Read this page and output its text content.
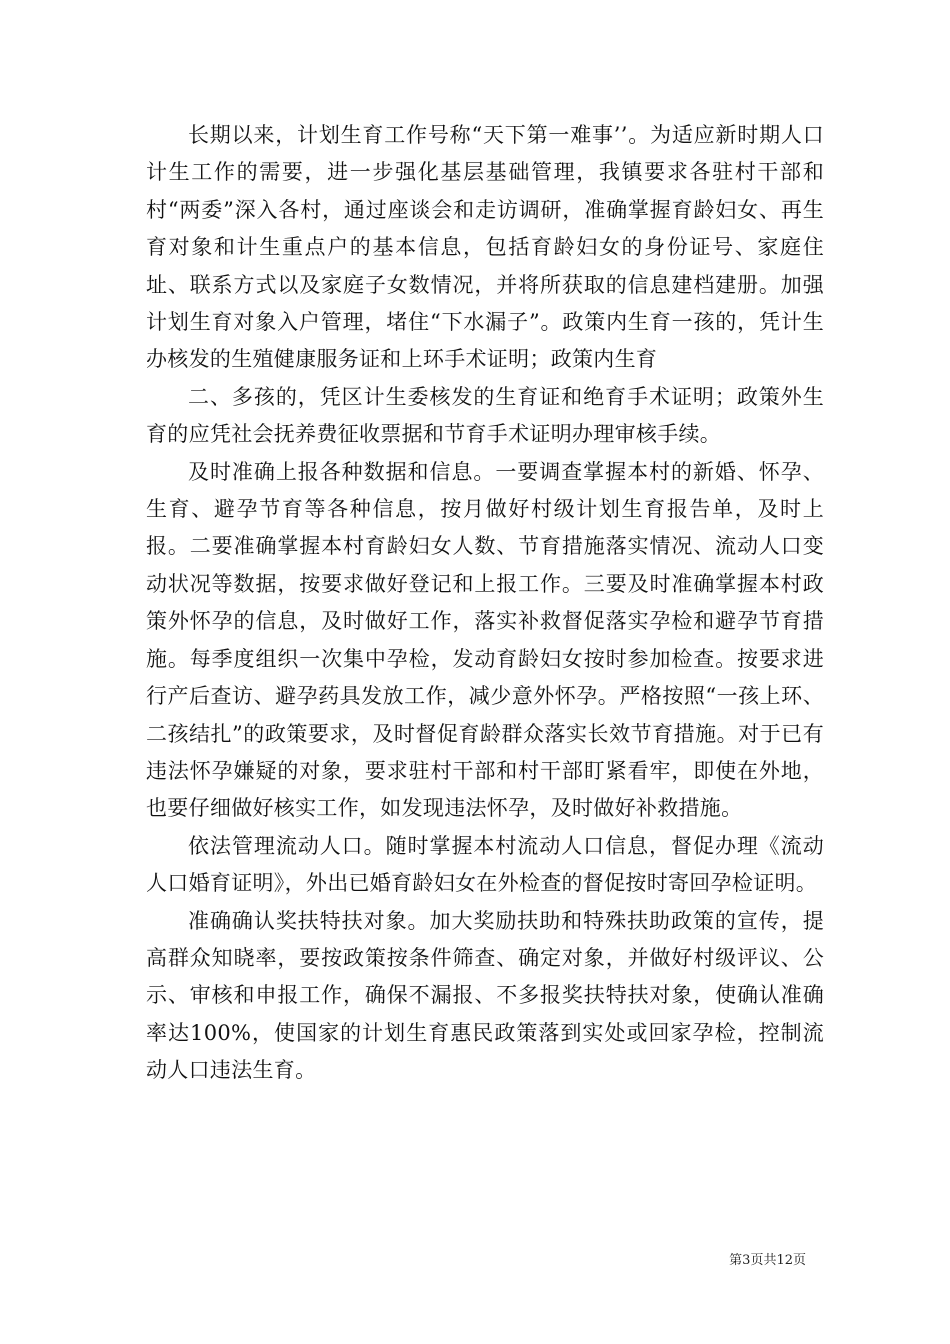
长期以来，计划生育工作号称“天下第一难事’’。为适应新时期人口计生工作的需要，进一步强化基层基础管理，我镇要求各驻村干部和村“两委”深入各村，通过座谈会和走访调研，准确掌握育龄妇女、再生育对象和计生重点户的基本信息，包括育龄妇女的身份证号、家庭住址、联系方式以及家庭子女数情况，并将所获取的信息建档建册。加强计划生育对象入户管理，堵住“下水漏子”。政策内生育一孩的，凭计生办核发的生殖健康服务证和上环手术证明；政策内生育

二、多孩的，凭区计生委核发的生育证和绝育手术证明；政策外生育的应凭社会抚养费征收票据和节育手术证明办理审核手续。

及时准确上报各种数据和信息。一要调查掌握本村的新婚、怀孕、生育、避孕节育等各种信息，按月做好村级计划生育报告单，及时上报。二要准确掌握本村育龄妇女人数、节育措施落实情况、流动人口变动状况等数据，按要求做好登记和上报工作。三要及时准确掌握本村政策外怀孕的信息，及时做好工作，落实补救督促落实孕检和避孕节育措施。每季度组织一次集中孕检，发动育龄妇女按时参加检查。按要求进行产后查访、避孕药具发放工作，减少意外怀孕。严格按照“一孩上环、二孩结扎”的政策要求，及时督促育龄群众落实长效节育措施。对于已有违法怀孕嫌疑的对象，要求驻村干部和村干部盯紧看牢，即使在外地，也要仔细做好核实工作，如发现违法怀孕，及时做好补救措施。

依法管理流动人口。随时掌握本村流动人口信息，督促办理《流动人口婚育证明》，外出已婚育龄妇女在外检查的督促按时寄回孕检证明。

准确确认奖扶特扶对象。加大奖励扶助和特殊扶助政策的宣传，提高群众知晓率，要按政策按条件筛查、确定对象，并做好村级评议、公示、审核和申报工作，确保不漏报、不多报奖扶特扶对象，使确认准确率达100%，使国家的计划生育惠民政策落到实处或回家孕检，控制流动人口违法生育。

第3页共12页
